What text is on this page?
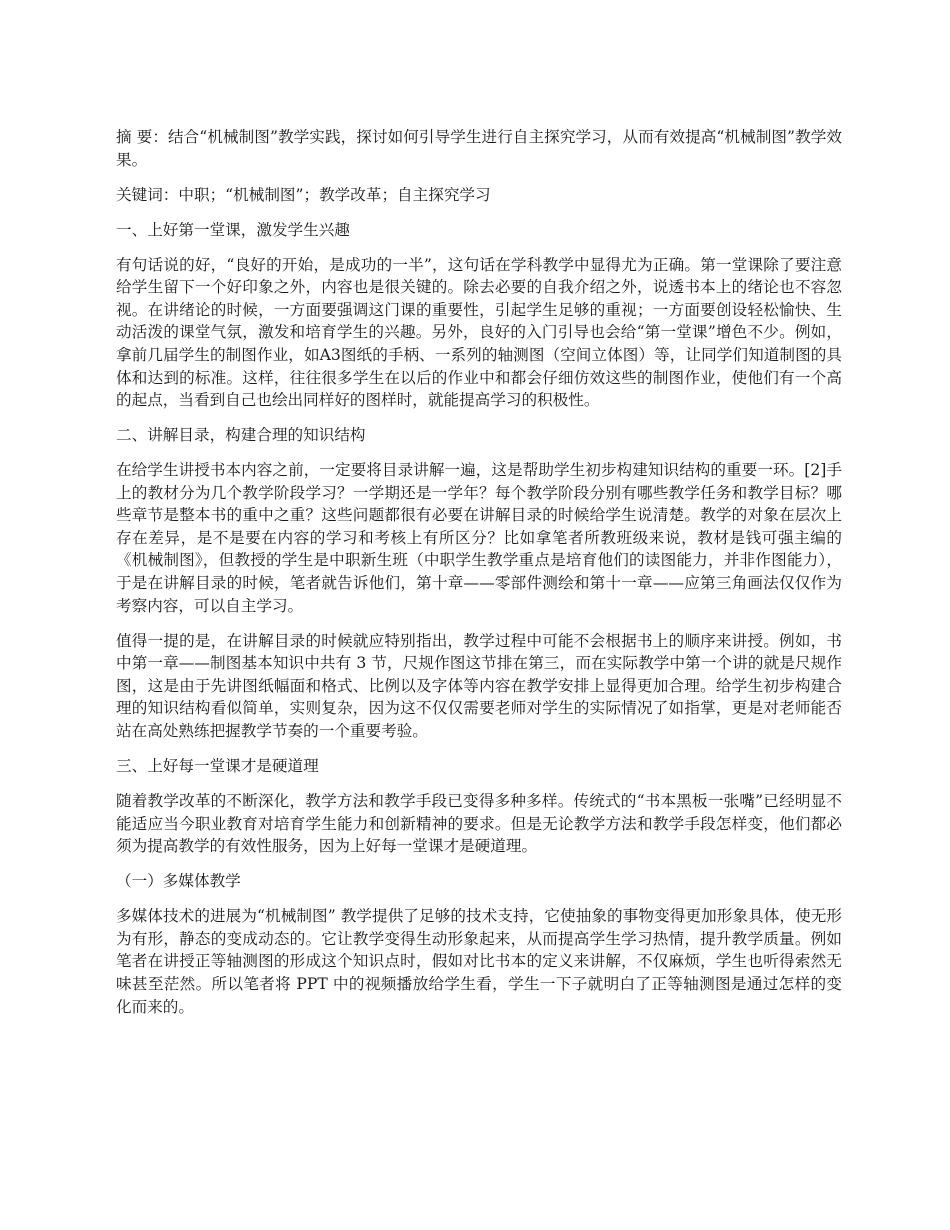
摘 要：结合“机械制图”教学实践，探讨如何引导学生进行自主探究学习，从而有效提高“机械制图”教学效果。

关键词：中职；“机械制图”；教学改革；自主探究学习

一、上好第一堂课，激发学生兴趣

有句话说的好，“良好的开始，是成功的一半”，这句话在学科教学中显得尤为正确。第一堂课除了要注意给学生留下一个好印象之外，内容也是很关键的。除去必要的自我介绍之外，说透书本上的绪论也不容忽视。在讲绪论的时候，一方面要强调这门课的重要性，引起学生足够的重视；一方面要创设轻松愉快、生动活泼的课堂气氛，激发和培育学生的兴趣。另外，良好的入门引导也会给“第一堂课”增色不少。例如，拿前几届学生的制图作业，如A3图纸的手柄、一系列的轴测图（空间立体图）等，让同学们知道制图的具体和达到的标准。这样，往往很多学生在以后的作业中和都会仔细仿效这些的制图作业，使他们有一个高的起点，当看到自己也绘出同样好的图样时，就能提高学习的积极性。

二、讲解目录，构建合理的知识结构

在给学生讲授书本内容之前，一定要将目录讲解一遍，这是帮助学生初步构建知识结构的重要一环。[2]手上的教材分为几个教学阶段学习？一学期还是一学年？每个教学阶段分别有哪些教学任务和教学目标？哪些章节是整本书的重中之重？这些问题都很有必要在讲解目录的时候给学生说清楚。教学的对象在层次上存在差异，是不是要在内容的学习和考核上有所区分？比如拿笔者所教班级来说，教材是钱可强主编的《机械制图》，但教授的学生是中职新生班（中职学生教学重点是培育他们的读图能力，并非作图能力），于是在讲解目录的时候，笔者就告诉他们，第十章——零部件测绘和第十一章——应第三角画法仅仅作为考察内容，可以自主学习。

值得一提的是，在讲解目录的时候就应特别指出，教学过程中可能不会根据书上的顺序来讲授。例如，书中第一章——制图基本知识中共有 3 节，尺规作图这节排在第三，而在实际教学中第一个讲的就是尺规作图，这是由于先讲图纸幅面和格式、比例以及字体等内容在教学安排上显得更加合理。给学生初步构建合理的知识结构看似简单，实则复杂，因为这不仅仅需要老师对学生的实际情况了如指掌，更是对老师能否站在高处熟练把握教学节奏的一个重要考验。

三、上好每一堂课才是硬道理

随着教学改革的不断深化，教学方法和教学手段已变得多种多样。传统式的“书本黑板一张嘴”已经明显不能适应当今职业教育对培育学生能力和创新精神的要求。但是无论教学方法和教学手段怎样变，他们都必须为提高教学的有效性服务，因为上好每一堂课才是硬道理。

（一）多媒体教学

多媒体技术的进展为“机械制图” 教学提供了足够的技术支持，它使抽象的事物变得更加形象具体，使无形为有形，静态的变成动态的。它让教学变得生动形象起来，从而提高学生学习热情，提升教学质量。例如笔者在讲授正等轴测图的形成这个知识点时，假如对比书本的定义来讲解，不仅麻烦，学生也听得索然无味甚至茫然。所以笔者将 PPT 中的视频播放给学生看，学生一下子就明白了正等轴测图是通过怎样的变化而来的。
